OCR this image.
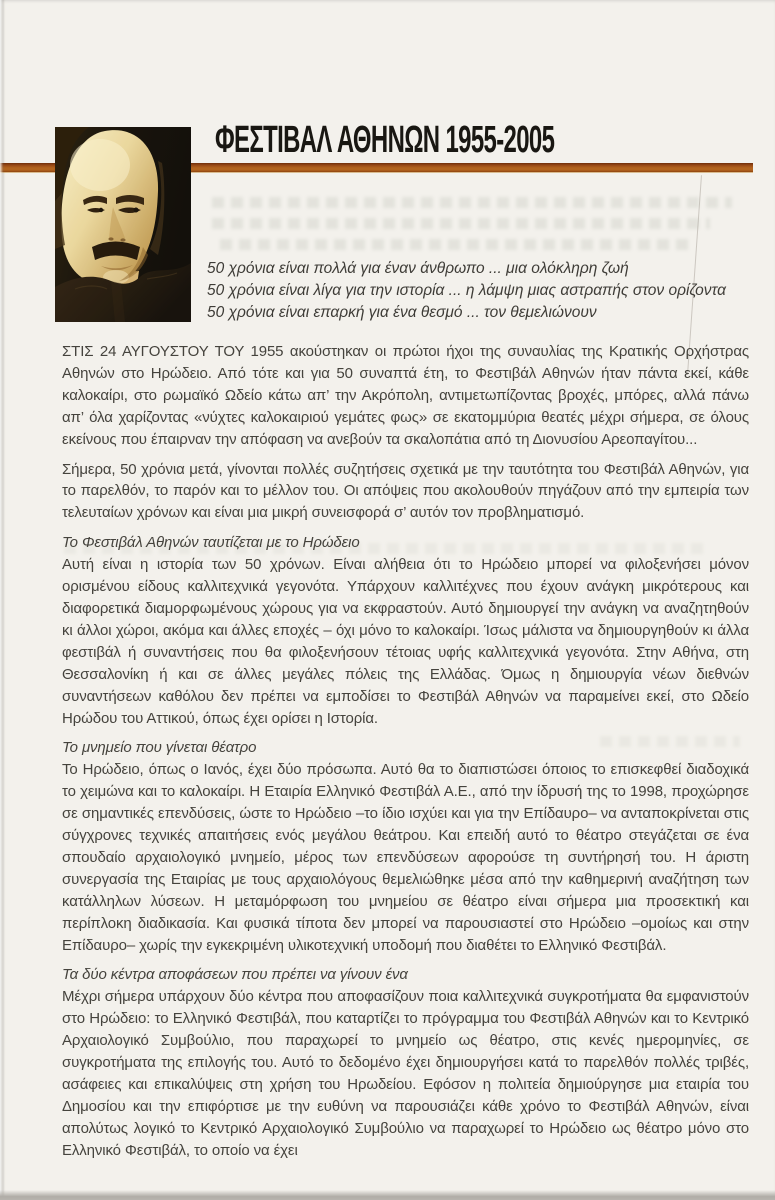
ΦΕΣΤΙΒΑΛ ΑΘΗΝΩΝ 1955-2005
50 χρόνια είναι πολλά για έναν άνθρωπο ... μια ολόκληρη ζωή
50 χρόνια είναι λίγα για την ιστορία ... η λάμψη μιας αστραπής στον ορίζοντα
50 χρόνια είναι επαρκή για ένα θεσμό ... τον θεμελιώνουν

ΣΤΙΣ 24 ΑΥΓΟΥΣΤΟΥ ΤΟΥ 1955 ακούστηκαν οι πρώτοι ήχοι της συναυλίας της Κρατικής Ορχήστρας Αθηνών στο Ηρώδειο. Από τότε και για 50 συναπτά έτη, το Φεστιβάλ Αθηνών ήταν πάντα εκεί, κάθε καλοκαίρι, στο ρωμαϊκό Ωδείο κάτω απ’ την Ακρόπολη, αντιμετωπίζοντας βροχές, μπόρες, αλλά πάνω απ’ όλα χαρίζοντας «νύχτες καλοκαιριού γεμάτες φως» σε εκατομμύρια θεατές μέχρι σήμερα, σε όλους εκείνους που έπαιρναν την απόφαση να ανεβούν τα σκαλοπάτια από τη Διονυσίου Αρεοπαγίτου...

Σήμερα, 50 χρόνια μετά, γίνονται πολλές συζητήσεις σχετικά με την ταυτότητα του Φεστιβάλ Αθηνών, για το παρελθόν, το παρόν και το μέλλον του. Οι απόψεις που ακολουθούν πηγάζουν από την εμπειρία των τελευταίων χρόνων και είναι μια μικρή συνεισφορά σ’ αυτόν τον προβληματισμό.

Το Φεστιβάλ Αθηνών ταυτίζεται με το Ηρώδειο

Αυτή είναι η ιστορία των 50 χρόνων. Είναι αλήθεια ότι το Ηρώδειο μπορεί να φιλοξενήσει μόνον ορισμένου είδους καλλιτεχνικά γεγονότα. Υπάρχουν καλλιτέχνες που έχουν ανάγκη μικρότερους και διαφορετικά διαμορφωμένους χώρους για να εκφραστούν. Αυτό δημιουργεί την ανάγκη να αναζητηθούν κι άλλοι χώροι, ακόμα και άλλες εποχές – όχι μόνο το καλοκαίρι. Ίσως μάλιστα να δημιουργηθούν κι άλλα φεστιβάλ ή συναντήσεις που θα φιλοξενήσουν τέτοιας υφής καλλιτεχνικά γεγονότα. Στην Αθήνα, στη Θεσσαλονίκη ή και σε άλλες μεγάλες πόλεις της Ελλάδας. Όμως η δημιουργία νέων διεθνών συναντήσεων καθόλου δεν πρέπει να εμποδίσει το Φεστιβάλ Αθηνών να παραμείνει εκεί, στο Ωδείο Ηρώδου του Αττικού, όπως έχει ορίσει η Ιστορία.

Το μνημείο που γίνεται θέατρο

Το Ηρώδειο, όπως ο Ιανός, έχει δύο πρόσωπα. Αυτό θα το διαπιστώσει όποιος το επισκεφθεί διαδοχικά το χειμώνα και το καλοκαίρι. Η Εταιρία Ελληνικό Φεστιβάλ Α.Ε., από την ίδρυσή της το 1998, προχώρησε σε σημαντικές επενδύσεις, ώστε το Ηρώδειο –το ίδιο ισχύει και για την Επίδαυρο– να ανταποκρίνεται στις σύγχρονες τεχνικές απαιτήσεις ενός μεγάλου θεάτρου. Και επειδή αυτό το θέατρο στεγάζεται σε ένα σπουδαίο αρχαιολογικό μνημείο, μέρος των επενδύσεων αφορούσε τη συντήρησή του. Η άριστη συνεργασία της Εταιρίας με τους αρχαιολόγους θεμελιώθηκε μέσα από την καθημερινή αναζήτηση των κατάλληλων λύσεων. Η μεταμόρφωση του μνημείου σε θέατρο είναι σήμερα μια προσεκτική και περίπλοκη διαδικασία. Και φυσικά τίποτα δεν μπορεί να παρουσιαστεί στο Ηρώδειο –ομοίως και στην Επίδαυρο– χωρίς την εγκεκριμένη υλικοτεχνική υποδομή που διαθέτει το Ελληνικό Φεστιβάλ.

Τα δύο κέντρα αποφάσεων που πρέπει να γίνουν ένα

Μέχρι σήμερα υπάρχουν δύο κέντρα που αποφασίζουν ποια καλλιτεχνικά συγκροτήματα θα εμφανιστούν στο Ηρώδειο: το Ελληνικό Φεστιβάλ, που καταρτίζει το πρόγραμμα του Φεστιβάλ Αθηνών και το Κεντρικό Αρχαιολογικό Συμβούλιο, που παραχωρεί το μνημείο ως θέατρο, στις κενές ημερομηνίες, σε συγκροτήματα της επιλογής του. Αυτό το δεδομένο έχει δημιουργήσει κατά το παρελθόν πολλές τριβές, ασάφειες και επικαλύψεις στη χρήση του Ηρωδείου. Εφόσον η πολιτεία δημιούργησε μια εταιρία του Δημοσίου και την επιφόρτισε με την ευθύνη να παρουσιάζει κάθε χρόνο το Φεστιβάλ Αθηνών, είναι απολύτως λογικό το Κεντρικό Αρχαιολογικό Συμβούλιο να παραχωρεί το Ηρώδειο ως θέατρο μόνο στο Ελληνικό Φεστιβάλ, το οποίο να έχει
